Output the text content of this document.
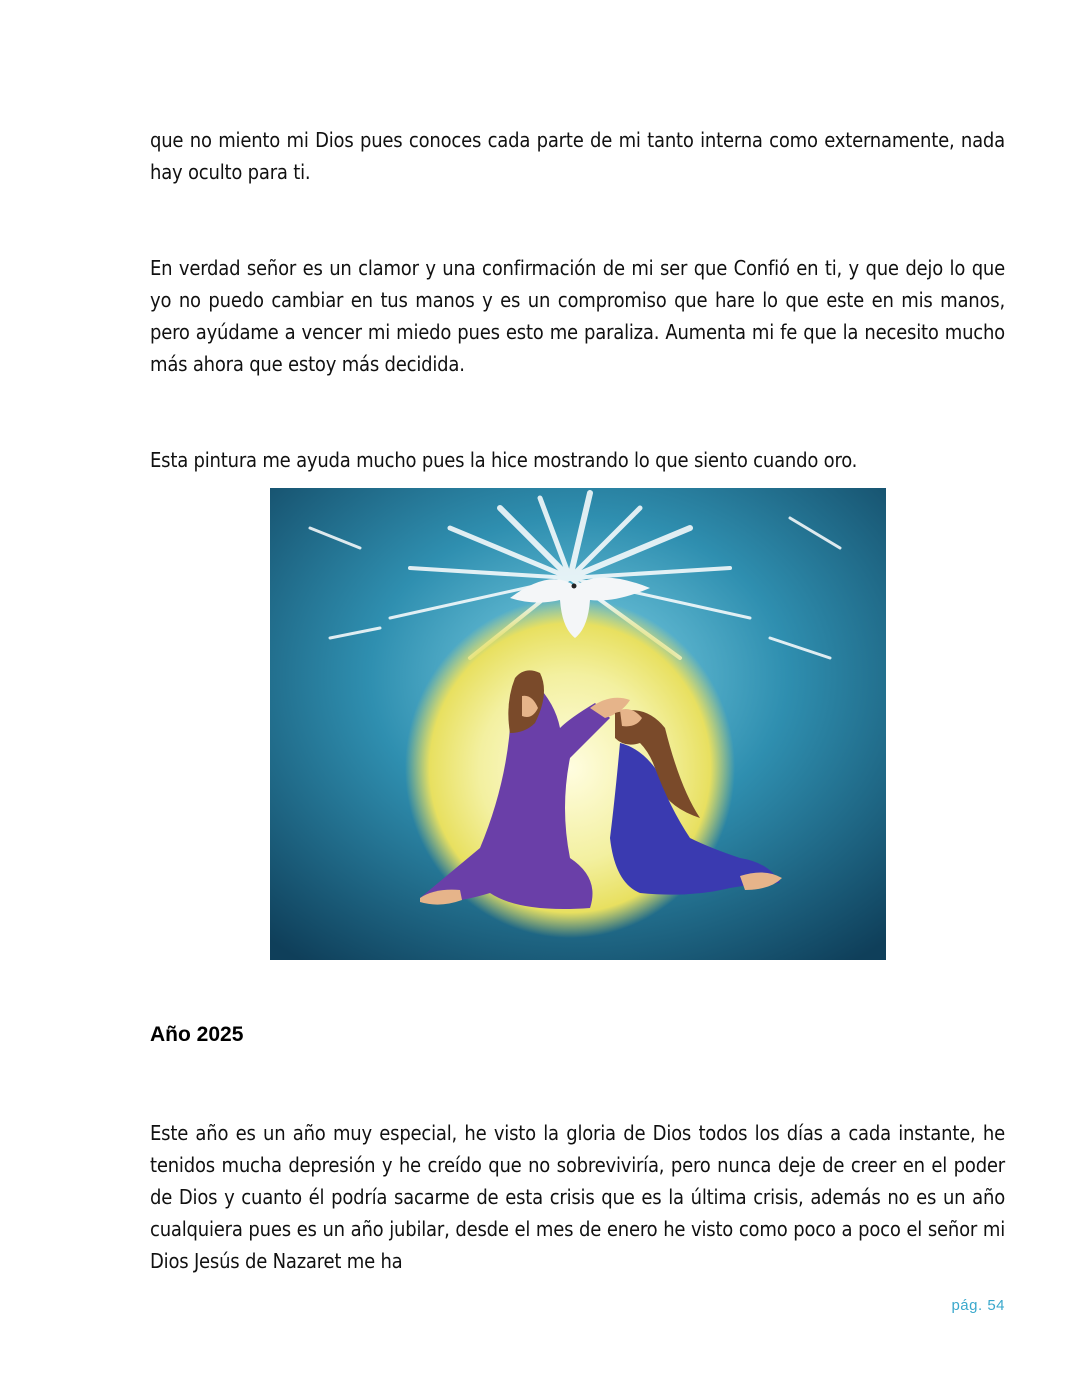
que no miento mi Dios pues conoces cada parte de mi tanto interna como externamente, nada hay oculto para ti.

En verdad señor es un clamor y una confirmación de mi ser que Confió en ti, y que dejo lo que yo no puedo cambiar en tus manos y es un compromiso que hare lo que este en mis manos, pero ayúdame a vencer mi miedo pues esto me paraliza. Aumenta mi fe que la necesito mucho más ahora que estoy más decidida.

Esta pintura me ayuda mucho pues la hice mostrando lo que siento cuando oro.

Año 2025

Este año es un año muy especial, he visto la gloria de Dios todos los días a cada instante, he tenidos mucha depresión y he creído que no sobreviviría, pero nunca deje de creer en el poder de Dios y cuanto él podría sacarme de esta crisis que es la última crisis, además no es un año cualquiera pues es un año jubilar, desde el mes de enero he visto como poco a poco el señor mi Dios Jesús de Nazaret me ha

pág. 54
